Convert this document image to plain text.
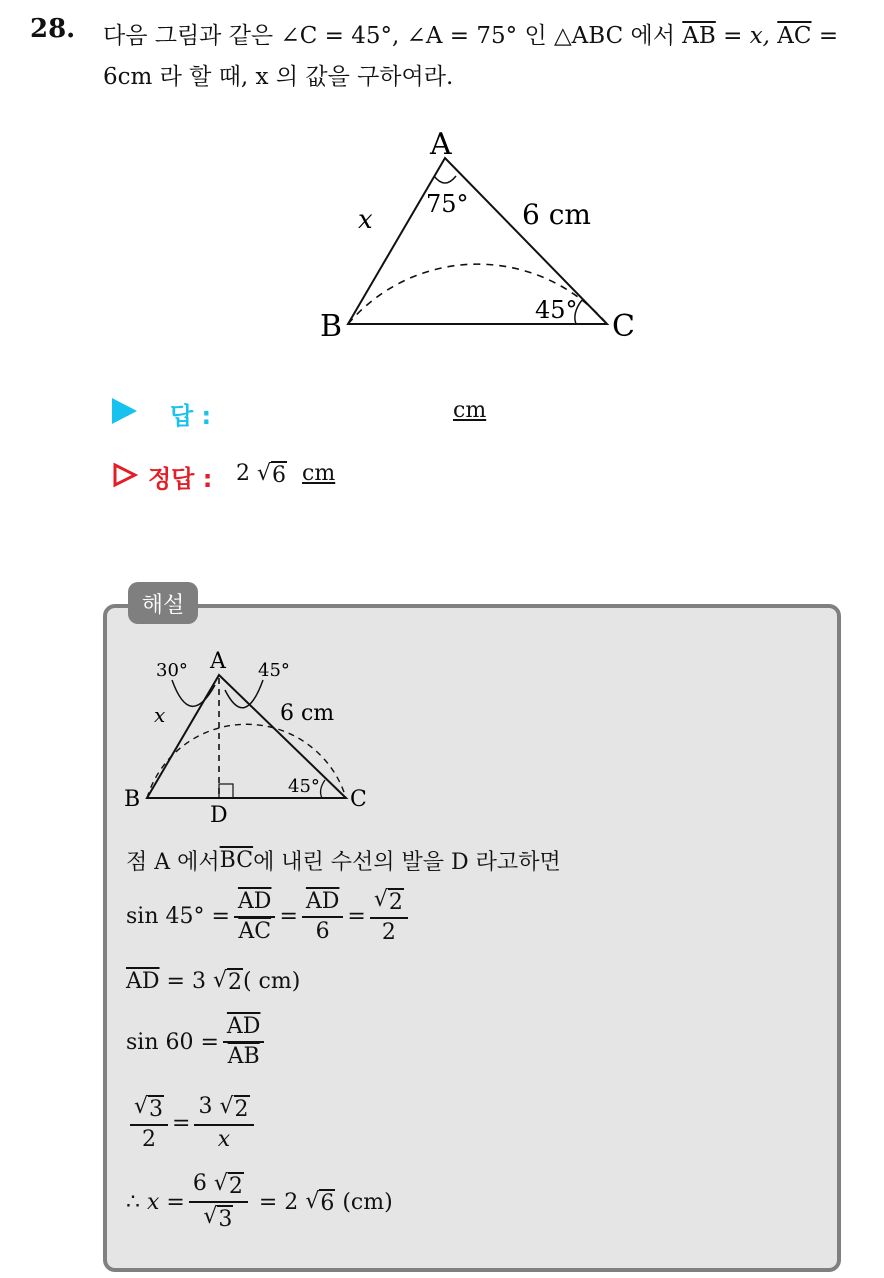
28. 다음 그림과 같은 ∠C = 45°, ∠A = 75° 인 △ABC 에서 $\overline{AB} = x$, $\overline{AC}$ =
6cm 라 할 때, x 의 값을 구하여라.
A
B	C
x
75° 6 cm
45°
답 :	cm
정답 : 2 √ 6 cm
해설
A
B	C
D
x
30°	45°
6 cm
45°
점 A 에서 $\overline{BC}$ 에 내린 수선의 발을 D 라고하면
$\sin 45^\circ = \frac{\overline{AD}}{AC} = \frac{\overline{AD}}{6} = \frac{√ 2}{2}$
$\overline{AD} = 3$ √ 2 ( cm)
$\sin 60 = \frac{\overline{AD}}{AB}$
$\frac{√ 3}{2} = \frac{3 √ 2}{x}$
∴ $x = \frac{6 √ 2}{√ 3} = 2$ √ 6 (cm)
